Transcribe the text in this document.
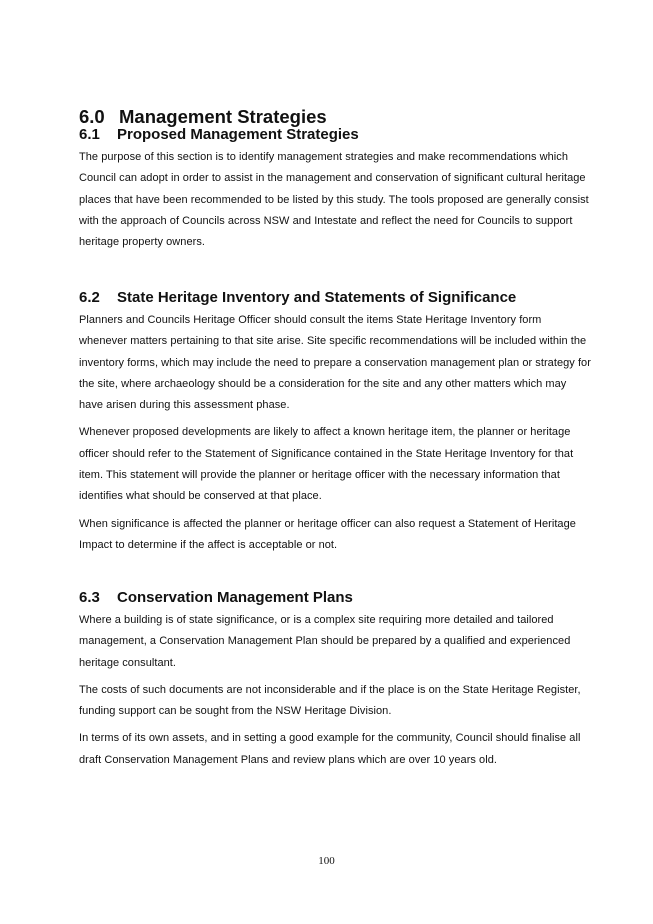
6.0 Management Strategies
6.1 Proposed Management Strategies

The purpose of this section is to identify management strategies and make recommendations which Council can adopt in order to assist in the management and conservation of significant cultural heritage places that have been recommended to be listed by this study. The tools proposed are generally consist with the approach of Councils across NSW and Intestate and reflect the need for Councils to support heritage property owners.

6.2 State Heritage Inventory and Statements of Significance

Planners and Councils Heritage Officer should consult the items State Heritage Inventory form whenever matters pertaining to that site arise. Site specific recommendations will be included within the inventory forms, which may include the need to prepare a conservation management plan or strategy for the site, where archaeology should be a consideration for the site and any other matters which may have arisen during this assessment phase.

Whenever proposed developments are likely to affect a known heritage item, the planner or heritage officer should refer to the Statement of Significance contained in the State Heritage Inventory for that item. This statement will provide the planner or heritage officer with the necessary information that identifies what should be conserved at that place.

When significance is affected the planner or heritage officer can also request a Statement of Heritage Impact to determine if the affect is acceptable or not.

6.3 Conservation Management Plans

Where a building is of state significance, or is a complex site requiring more detailed and tailored management, a Conservation Management Plan should be prepared by a qualified and experienced heritage consultant.

The costs of such documents are not inconsiderable and if the place is on the State Heritage Register, funding support can be sought from the NSW Heritage Division.

In terms of its own assets, and in setting a good example for the community, Council should finalise all draft Conservation Management Plans and review plans which are over 10 years old.

100
